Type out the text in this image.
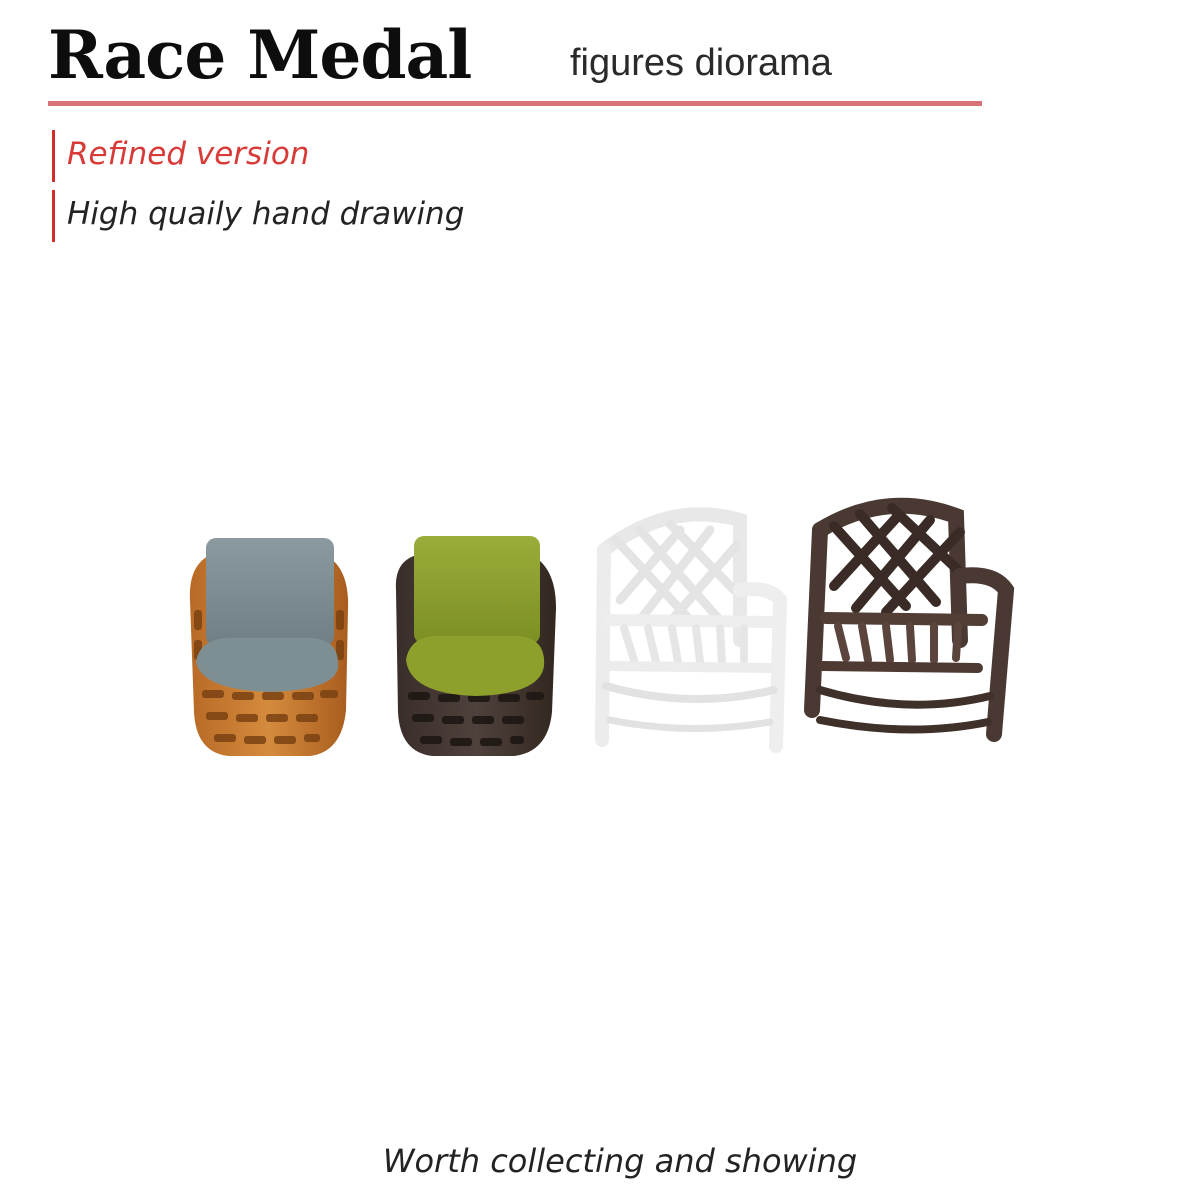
Race Medal	figures diorama
Refined version
High quaily hand drawing
Worth collecting and showing
